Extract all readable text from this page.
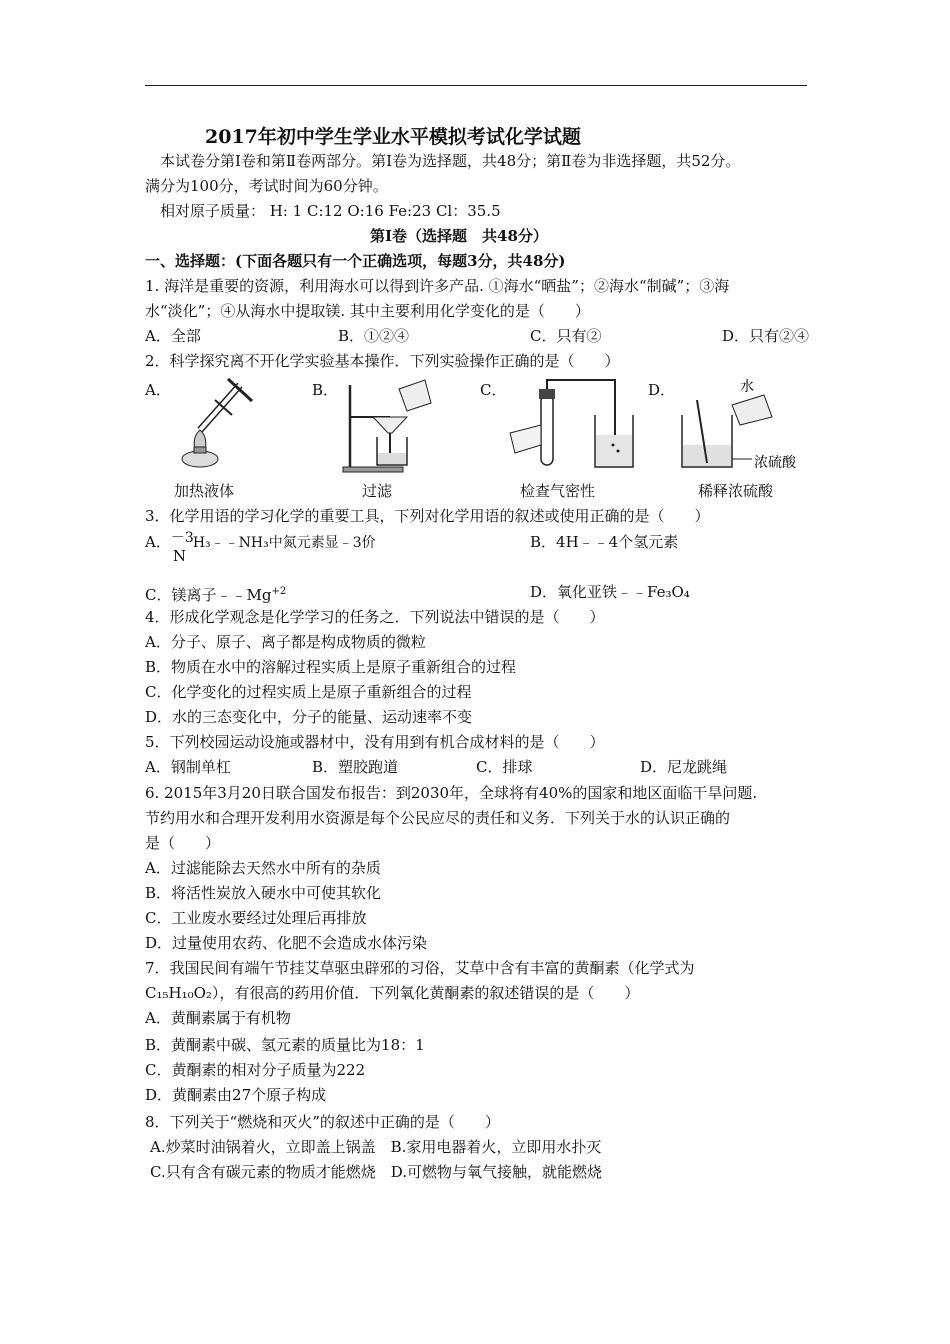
2017年初中学生学业水平模拟考试化学试题
本试卷分第Ⅰ卷和第Ⅱ卷两部分。第Ⅰ卷为选择题，共48分；第Ⅱ卷为非选择题，共52分。
满分为100分，考试时间为60分钟。
相对原子质量： H: 1 C:12 O:16 Fe:23 Cl：35.5
第Ⅰ卷（选择题　共48分）
一、选择题：(下面各题只有一个正确选项，每题3分，共48分)
1. 海洋是重要的资源，利用海水可以得到许多产品. ①海水“晒盐”；②海水“制碱”；③海
水“淡化”；④从海水中提取镁. 其中主要利用化学变化的是（　　）
A．全部	B．①②④	C．只有②	D．只有②④
2．科学探究离不开化学实验基本操作．下列实验操作正确的是（　　）
A．	B．	C．	D．	水
浓硫酸
加热液体	过滤	检查气密性	稀释浓硫酸
3．化学用语的学习化学的重要工具，下列对化学用语的叙述或使用正确的是（　　）
A． －3
N
H₃﹣﹣NH₃中氮元素显﹣3价	B．4H﹣﹣4个氢元素
C．镁离子$﹣﹣Mg^{+2}$	D．氧化亚铁﹣﹣Fe₃O₄
4．形成化学观念是化学学习的任务之．下列说法中错误的是（　　）
A．分子、原子、离子都是构成物质的微粒
B．物质在水中的溶解过程实质上是原子重新组合的过程
C．化学变化的过程实质上是原子重新组合的过程
D．水的三态变化中，分子的能量、运动速率不变
5．下列校园运动设施或器材中，没有用到有机合成材料的是（　　）
A．钢制单杠	B．塑胶跑道	C．排球	D．尼龙跳绳
6. 2015年3月20日联合国发布报告：到2030年，全球将有40%的国家和地区面临干旱问题.
节约用水和合理开发利用水资源是每个公民应尽的责任和义务．下列关于水的认识正确的
是（　　）
A．过滤能除去天然水中所有的杂质
B．将活性炭放入硬水中可使其软化
C．工业废水要经过处理后再排放
D．过量使用农药、化肥不会造成水体污染
7．我国民间有端午节挂艾草驱虫辟邪的习俗，艾草中含有丰富的黄酮素（化学式为
C₁₅H₁₀O₂），有很高的药用价值．下列氧化黄酮素的叙述错误的是（　　）
A．黄酮素属于有机物
B．黄酮素中碳、氢元素的质量比为18：1
C．黄酮素的相对分子质量为222
D．黄酮素由27个原子构成
8．下列关于“燃烧和灭火”的叙述中正确的是（　　）
A.炒菜时油锅着火，立即盖上锅盖　B.家用电器着火，立即用水扑灭
C.只有含有碳元素的物质才能燃烧　D.可燃物与氧气接触，就能燃烧
